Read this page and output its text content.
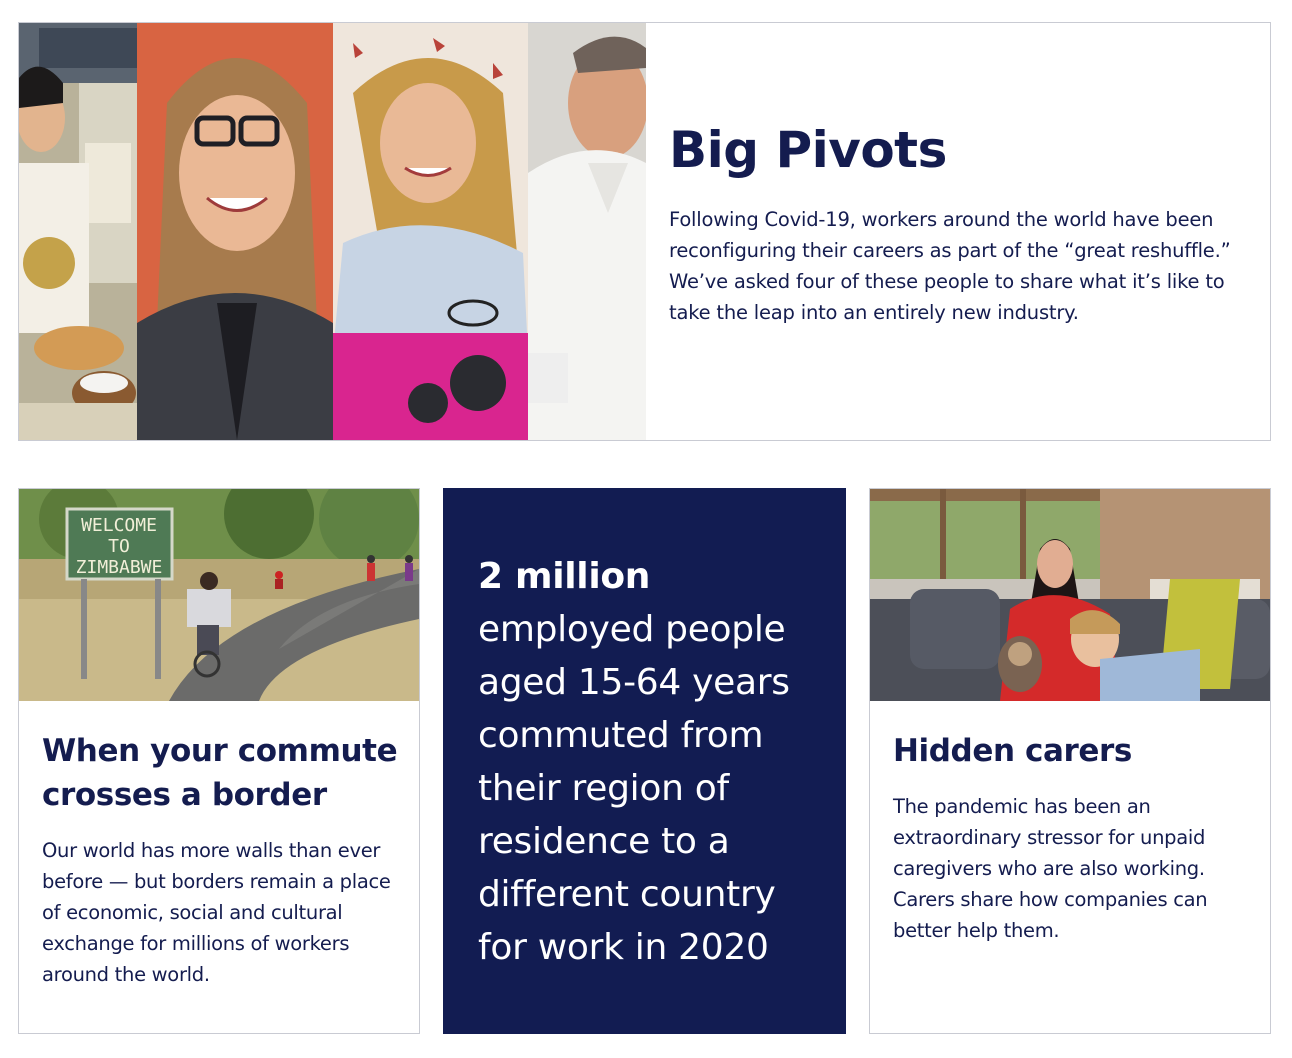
Big Pivots

Following Covid-19, workers around the world have been reconfiguring their careers as part of the “great reshuffle.” We’ve asked four of these people to share what it’s like to take the leap into an entirely new industry.

WELCOME
TO
ZIMBABWE
When your commute crosses a border

Our world has more walls than ever before — but borders remain a place of economic, social and cultural exchange for millions of workers around the world.

2 million
employed people aged 15-64 years commuted from their region of residence to a different country for work in 2020
Hidden carers

The pandemic has been an extraordinary stressor for unpaid caregivers who are also working. Carers share how companies can better help them.
